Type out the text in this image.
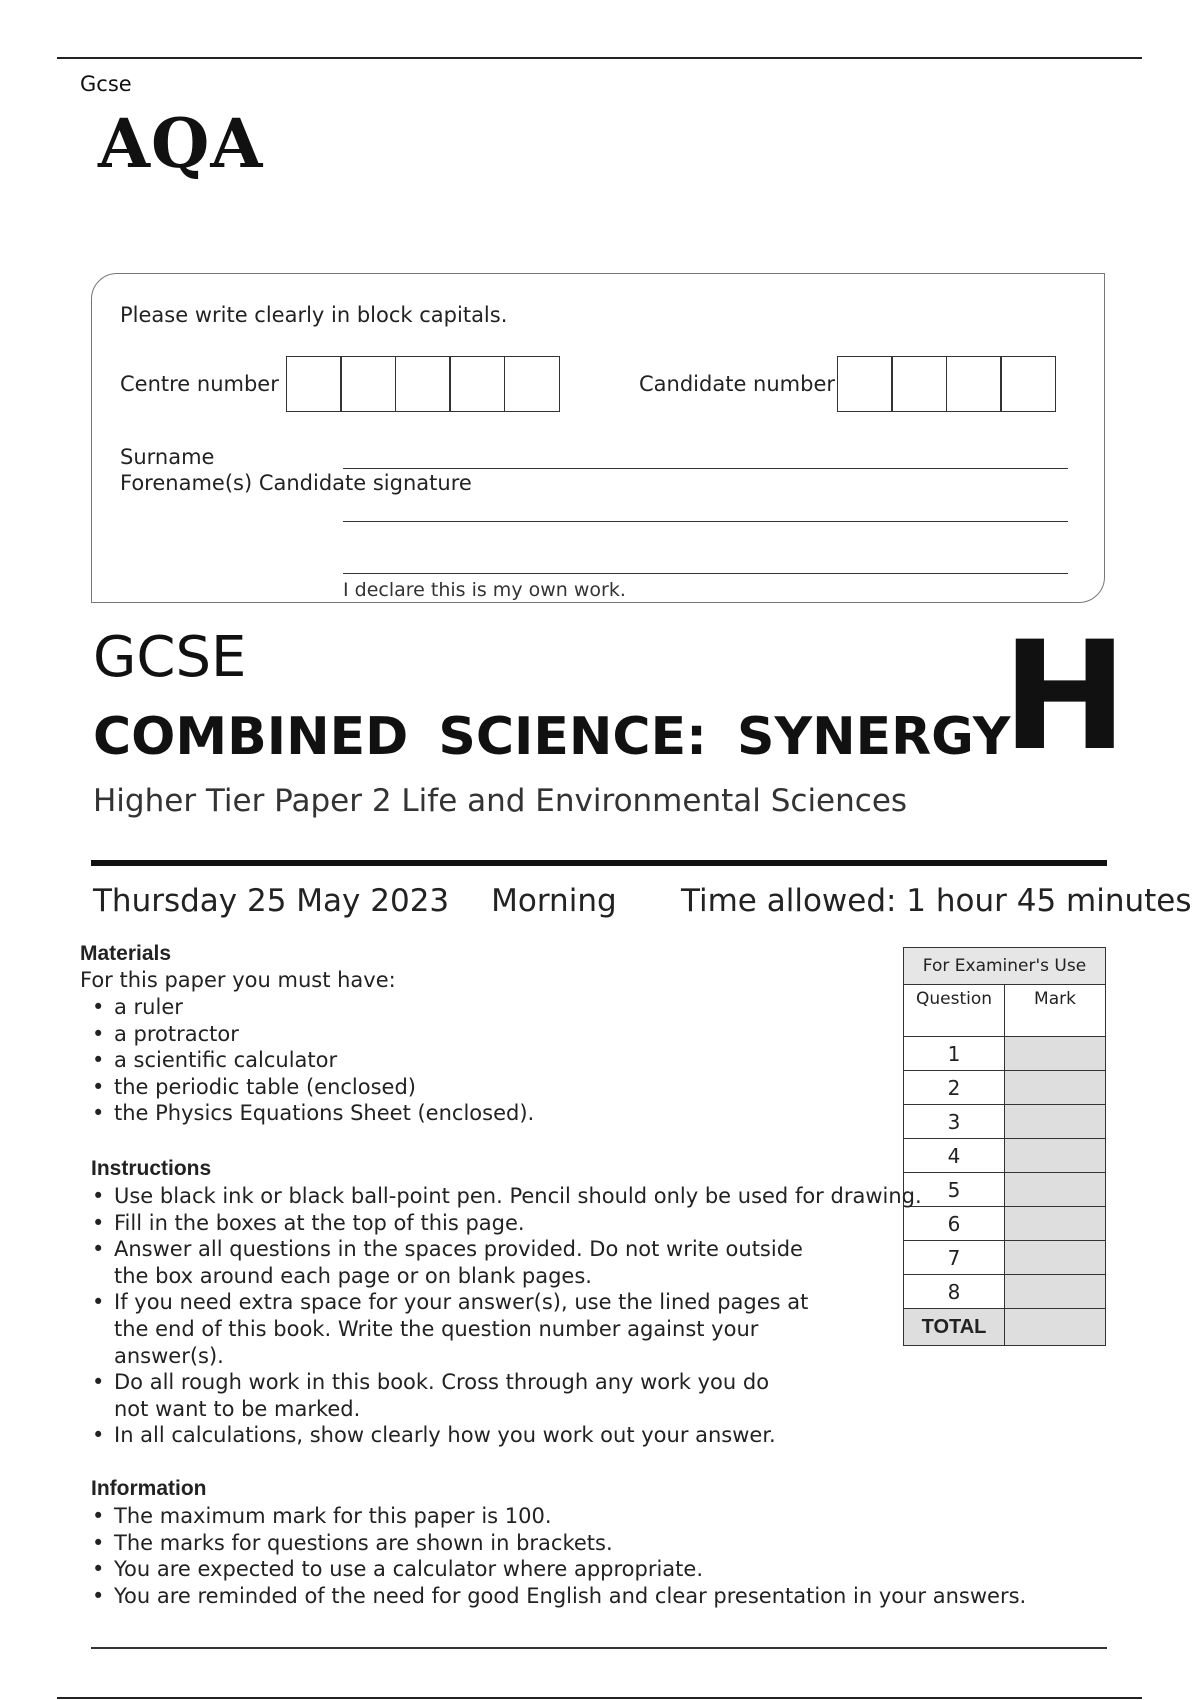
Gcse
AQA
Please write clearly in block capitals.
Centre number	Candidate number
Surname
Forename(s) Candidate signature
I declare this is my own work.
GCSE
COMBINED SCIENCE: SYNERGY
Higher Tier Paper 2 Life and Environmental Sciences
H
Thursday 25 May 2023 Morning	Time allowed: 1 hour 45 minutes
Materials
For this paper you must have:
• a ruler
• a protractor
• a scientific calculator
• the periodic table (enclosed)
• the Physics Equations Sheet (enclosed).
For Examiner's Use	
Question	Mark
1	
2	
3	
4	
5	
6	
7	
8	
TOTAL	
Instructions
• Use black ink or black ball-point pen. Pencil should only be used for drawing.
• Fill in the boxes at the top of this page.
• Answer all questions in the spaces provided. Do not write outside
the box around each page or on blank pages.
• If you need extra space for your answer(s), use the lined pages at
the end of this book. Write the question number against your
answer(s).
• Do all rough work in this book. Cross through any work you do
not want to be marked.
• In all calculations, show clearly how you work out your answer.
Information
• The maximum mark for this paper is 100.
• The marks for questions are shown in brackets.
• You are expected to use a calculator where appropriate.
• You are reminded of the need for good English and clear presentation in your answers.
